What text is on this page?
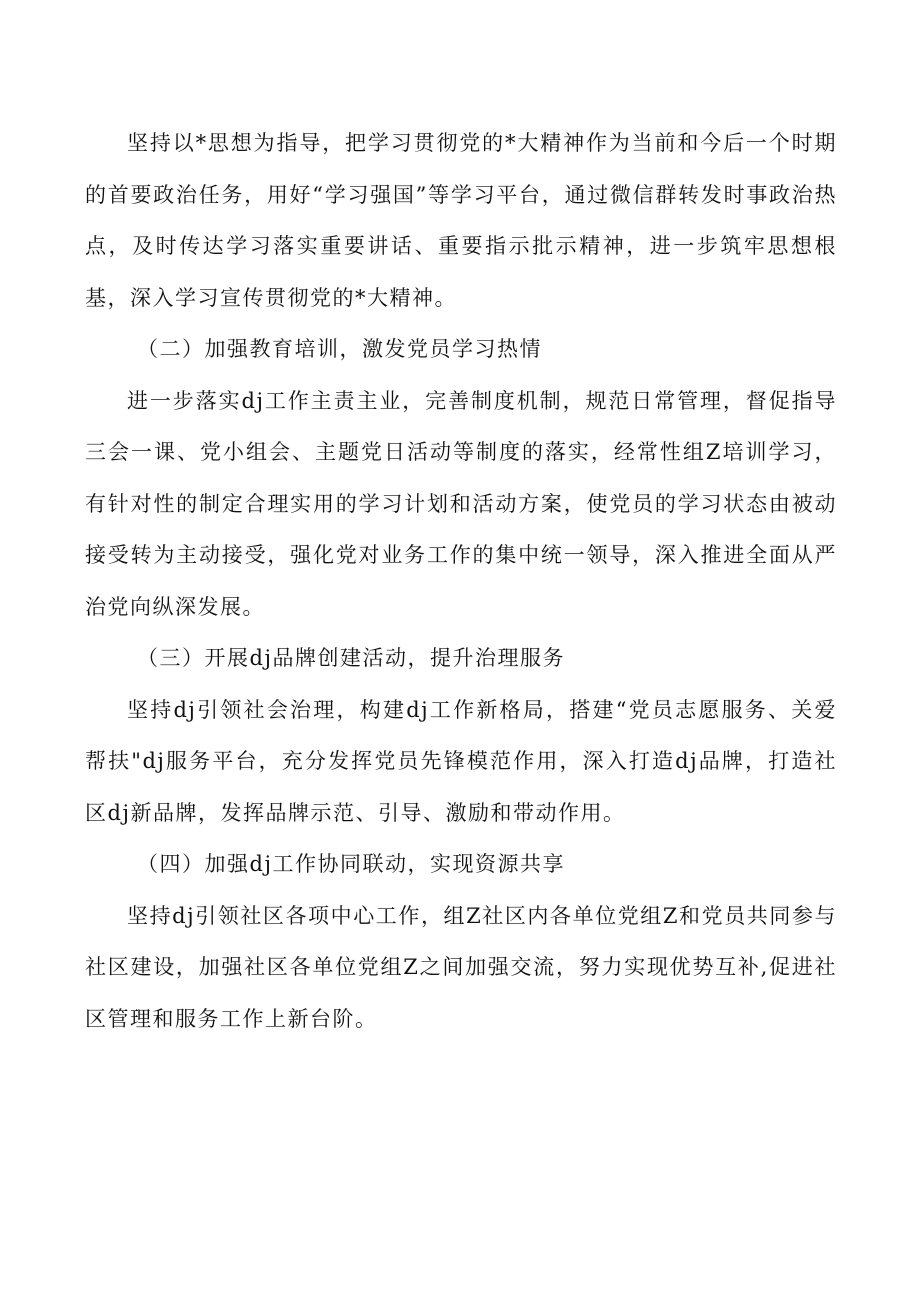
坚持以*思想为指导，把学习贯彻党的*大精神作为当前和今后一个时期的首要政治任务，用好“学习强国”等学习平台，通过微信群转发时事政治热点，及时传达学习落实重要讲话、重要指示批示精神，进一步筑牢思想根基，深入学习宣传贯彻党的*大精神。

（二）加强教育培训，激发党员学习热情

进一步落实dj工作主责主业，完善制度机制，规范日常管理，督促指导三会一课、党小组会、主题党日活动等制度的落实，经常性组Z培训学习，有针对性的制定合理实用的学习计划和活动方案，使党员的学习状态由被动接受转为主动接受，强化党对业务工作的集中统一领导，深入推进全面从严治党向纵深发展。

（三）开展dj品牌创建活动，提升治理服务

坚持dj引领社会治理，构建dj工作新格局，搭建“党员志愿服务、关爱帮扶"dj服务平台，充分发挥党员先锋模范作用，深入打造dj品牌，打造社区dj新品牌，发挥品牌示范、引导、激励和带动作用。

（四）加强dj工作协同联动，实现资源共享

坚持dj引领社区各项中心工作，组Z社区内各单位党组Z和党员共同参与社区建设，加强社区各单位党组Z之间加强交流，努力实现优势互补,促进社区管理和服务工作上新台阶。
